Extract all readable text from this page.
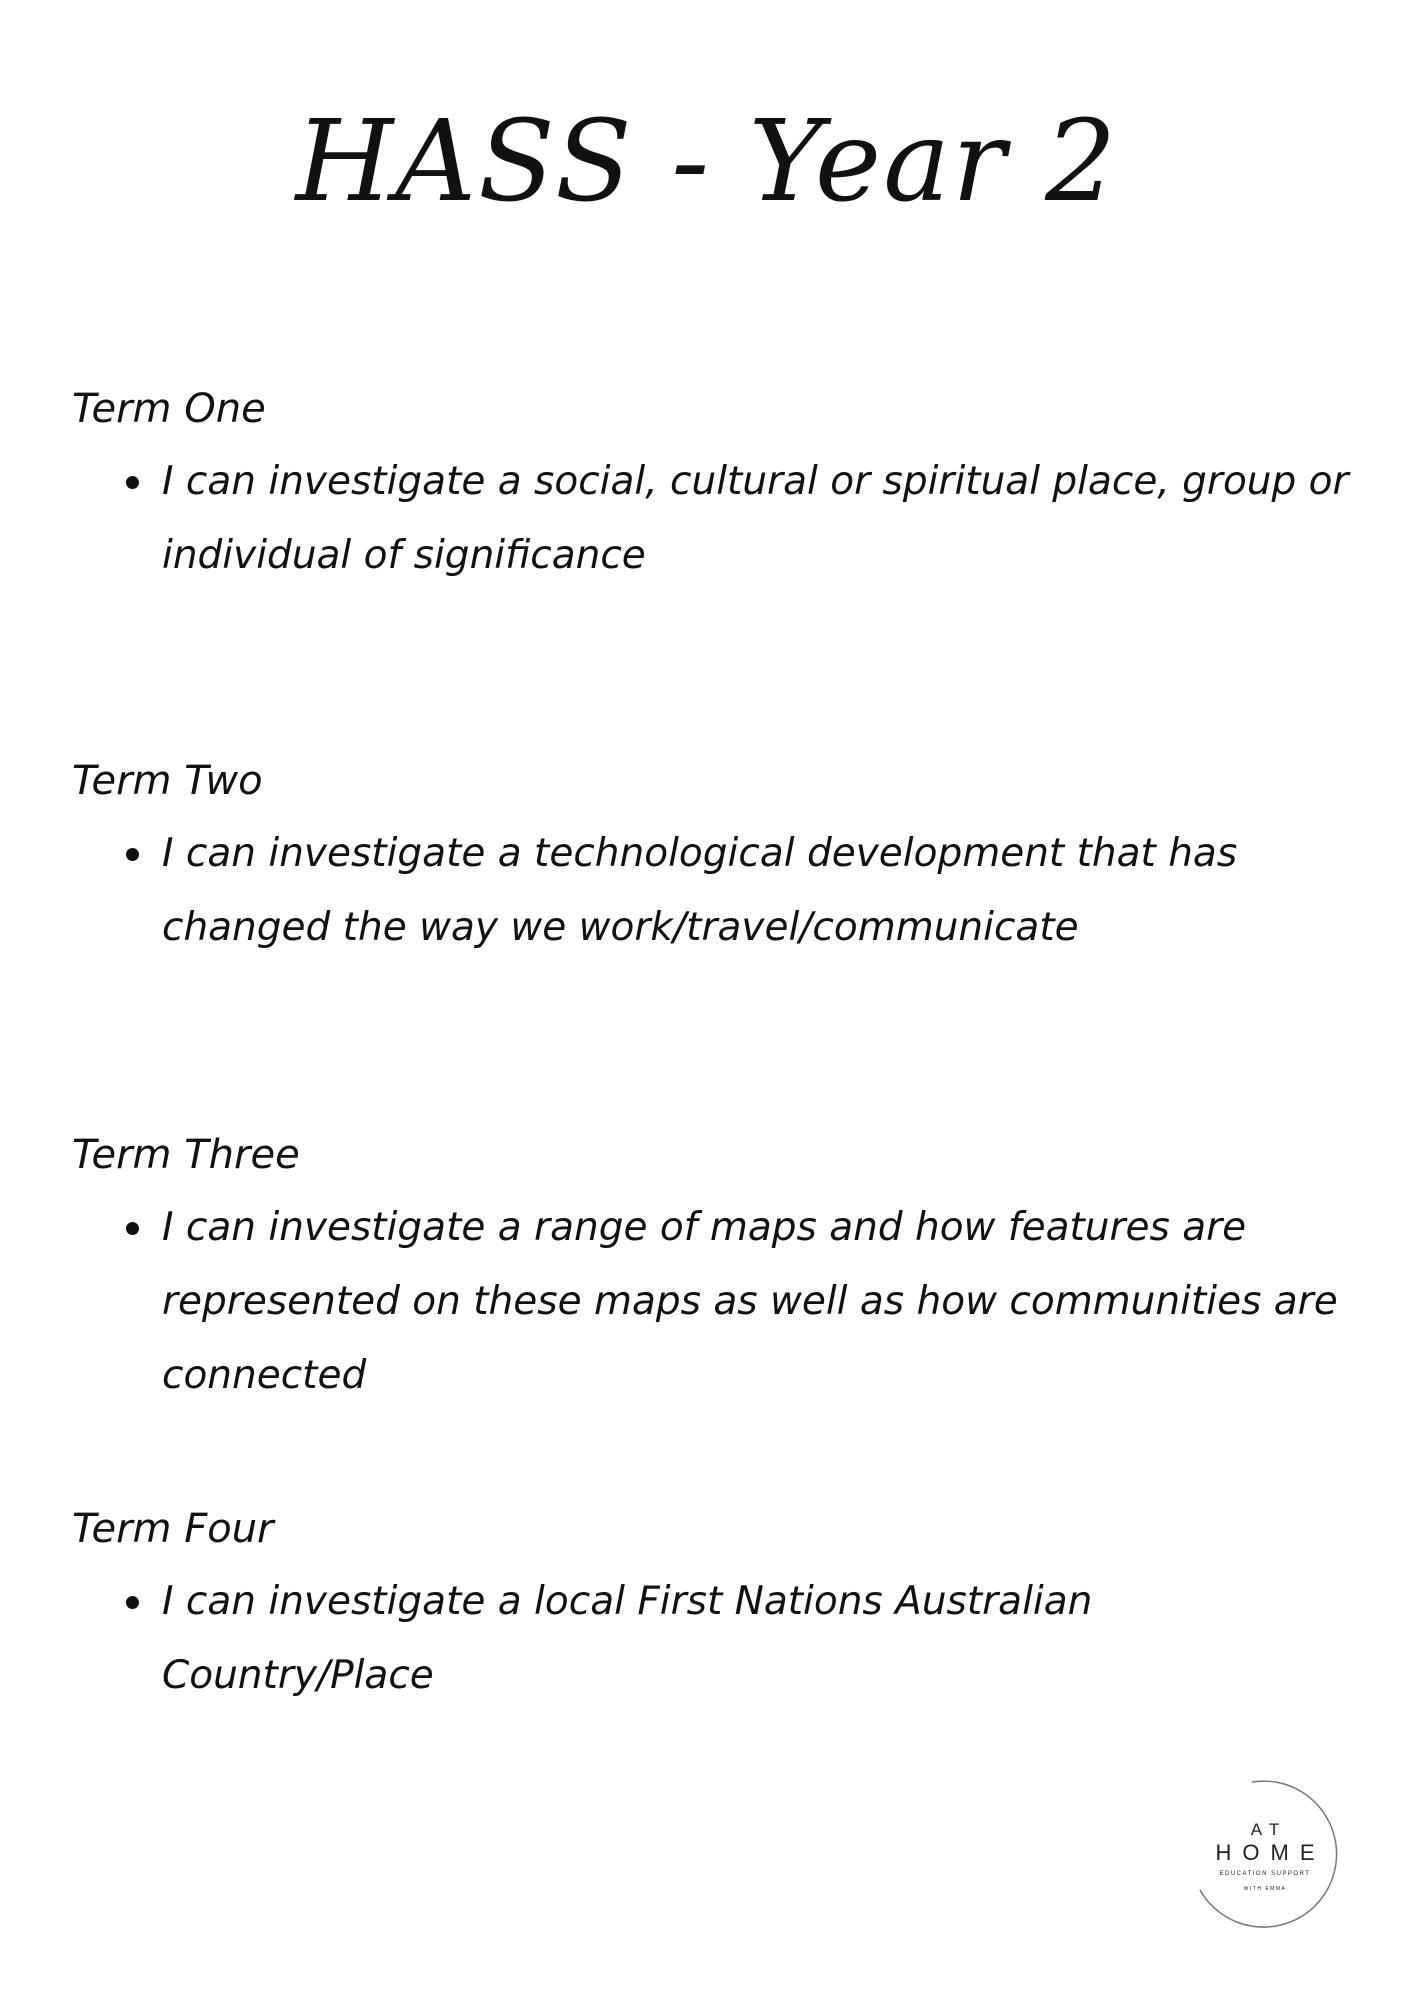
HASS - Year 2
Term One
I can investigate a social, cultural or spiritual place, group or individual of significance
Term Two
I can investigate a technological development that has changed the way we work/travel/communicate
Term Three
I can investigate a range of maps and how features are represented on these maps as well as how communities are connected
Term Four
I can investigate a local First Nations Australian Country/Place
AT
HOME
EDUCATION SUPPORT
WITH EMMA
